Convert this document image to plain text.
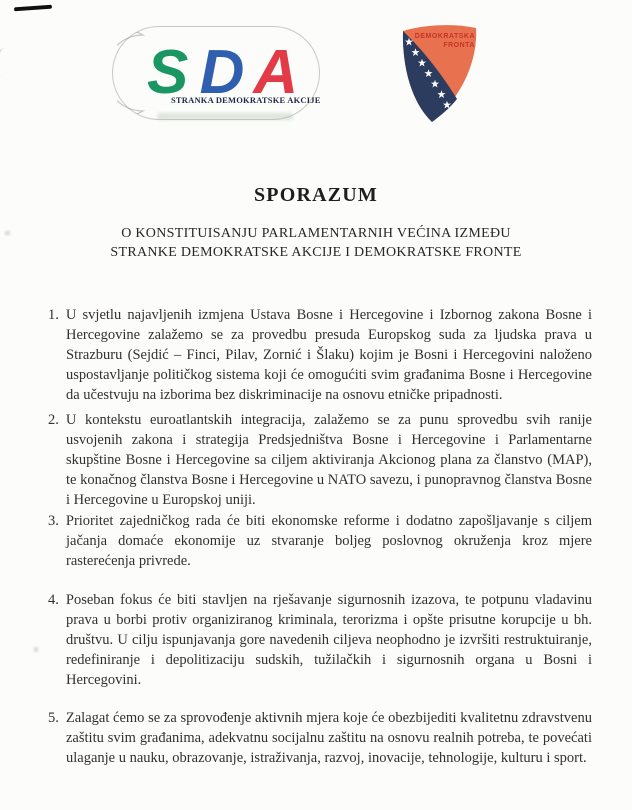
S D A
STRANKA DEMOKRATSKE AKCIJE
DEMOKRATSKA
FRONTA
SPORAZUM
O KONSTITUISANJU PARLAMENTARNIH VEĆINA IZMEĐU
STRANKE DEMOKRATSKE AKCIJE I DEMOKRATSKE FRONTE
1. U svjetlu najavljenih izmjena Ustava Bosne i Hercegovine i Izbornog zakona Bosne i Hercegovine zalažemo se za provedbu presuda Europskog suda za ljudska prava u Strazburu (Sejdić – Finci, Pilav, Zornić i Šlaku) kojim je Bosni i Hercegovini naloženo uspostavljanje političkog sistema koji će omogućiti svim građanima Bosne i Hercegovine da učestvuju na izborima bez diskriminacije na osnovu etničke pripadnosti.
2. U kontekstu euroatlantskih integracija, zalažemo se za punu sprovedbu svih ranije usvojenih zakona i strategija Predsjedništva Bosne i Hercegovine i Parlamentarne skupštine Bosne i Hercegovine sa ciljem aktiviranja Akcionog plana za članstvo (MAP), te konačnog članstva Bosne i Hercegovine u NATO savezu, i punopravnog članstva Bosne i Hercegovine u Europskoj uniji.
3. Prioritet zajedničkog rada će biti ekonomske reforme i dodatno zapošljavanje s ciljem jačanja domaće ekonomije uz stvaranje boljeg poslovnog okruženja kroz mjere rasterećenja privrede.
4. Poseban fokus će biti stavljen na rješavanje sigurnosnih izazova, te potpunu vladavinu prava u borbi protiv organiziranog kriminala, terorizma i opšte prisutne korupcije u bh. društvu. U cilju ispunjavanja gore navedenih ciljeva neophodno je izvršiti restruktuiranje, redefiniranje i depolitizaciju sudskih, tužilačkih i sigurnosnih organa u Bosni i Hercegovini.
5. Zalagat ćemo se za sprovođenje aktivnih mjera koje će obezbijediti kvalitetnu zdravstvenu zaštitu svim građanima, adekvatnu socijalnu zaštitu na osnovu realnih potreba, te povećati ulaganje u nauku, obrazovanje, istraživanja, razvoj, inovacije, tehnologije, kulturu i sport.
